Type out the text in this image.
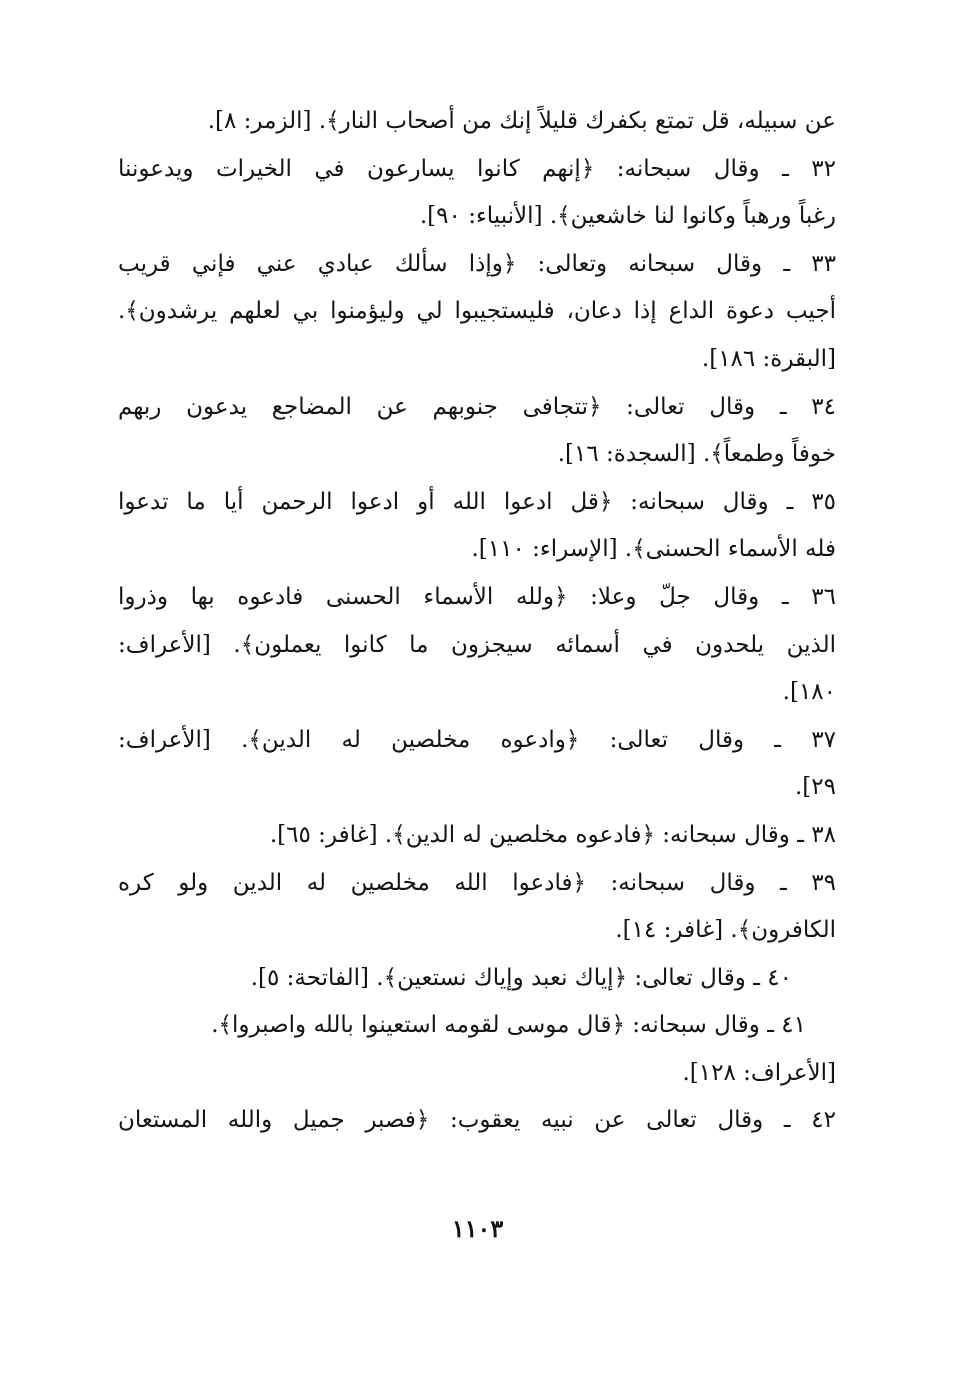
عن سبيله، قل تمتع بكفرك قليلاً إنك من أصحاب النار﴾. [الزمر: ٨].
٣٢ ـ وقال سبحانه: ﴿إنهم كانوا يسارعون في الخيرات ويدعوننا
رغباً ورهباً وكانوا لنا خاشعين﴾. [الأنبياء: ٩٠].
٣٣ ـ وقال سبحانه وتعالى: ﴿وإذا سألك عبادي عني فإني قريب
أجيب دعوة الداع إذا دعان، فليستجيبوا لي وليؤمنوا بي لعلهم يرشدون﴾.
[البقرة: ١٨٦].
٣٤ ـ وقال تعالى: ﴿تتجافى جنوبهم عن المضاجع يدعون ربهم
خوفاً وطمعاً﴾. [السجدة: ١٦].
٣٥ ـ وقال سبحانه: ﴿قل ادعوا الله أو ادعوا الرحمن أيا ما تدعوا
فله الأسماء الحسنى﴾. [الإسراء: ١١٠].
٣٦ ـ وقال جلّ وعلا: ﴿ولله الأسماء الحسنى فادعوه بها وذروا
الذين يلحدون في أسمائه سيجزون ما كانوا يعملون﴾. [الأعراف:
١٨٠].
٣٧ ـ وقال تعالى: ﴿وادعوه مخلصين له الدين﴾. [الأعراف:
٢٩].
٣٨ ـ وقال سبحانه: ﴿فادعوه مخلصين له الدين﴾. [غافر: ٦٥].
٣٩ ـ وقال سبحانه: ﴿فادعوا الله مخلصين له الدين ولو كره
الكافرون﴾. [غافر: ١٤].
٤٠ ـ وقال تعالى: ﴿إياك نعبد وإياك نستعين﴾. [الفاتحة: ٥].
٤١ ـ وقال سبحانه: ﴿قال موسى لقومه استعينوا بالله واصبروا﴾.
[الأعراف: ١٢٨].
٤٢ ـ وقال تعالى عن نبيه يعقوب: ﴿فصبر جميل والله المستعان
١١٠٣
